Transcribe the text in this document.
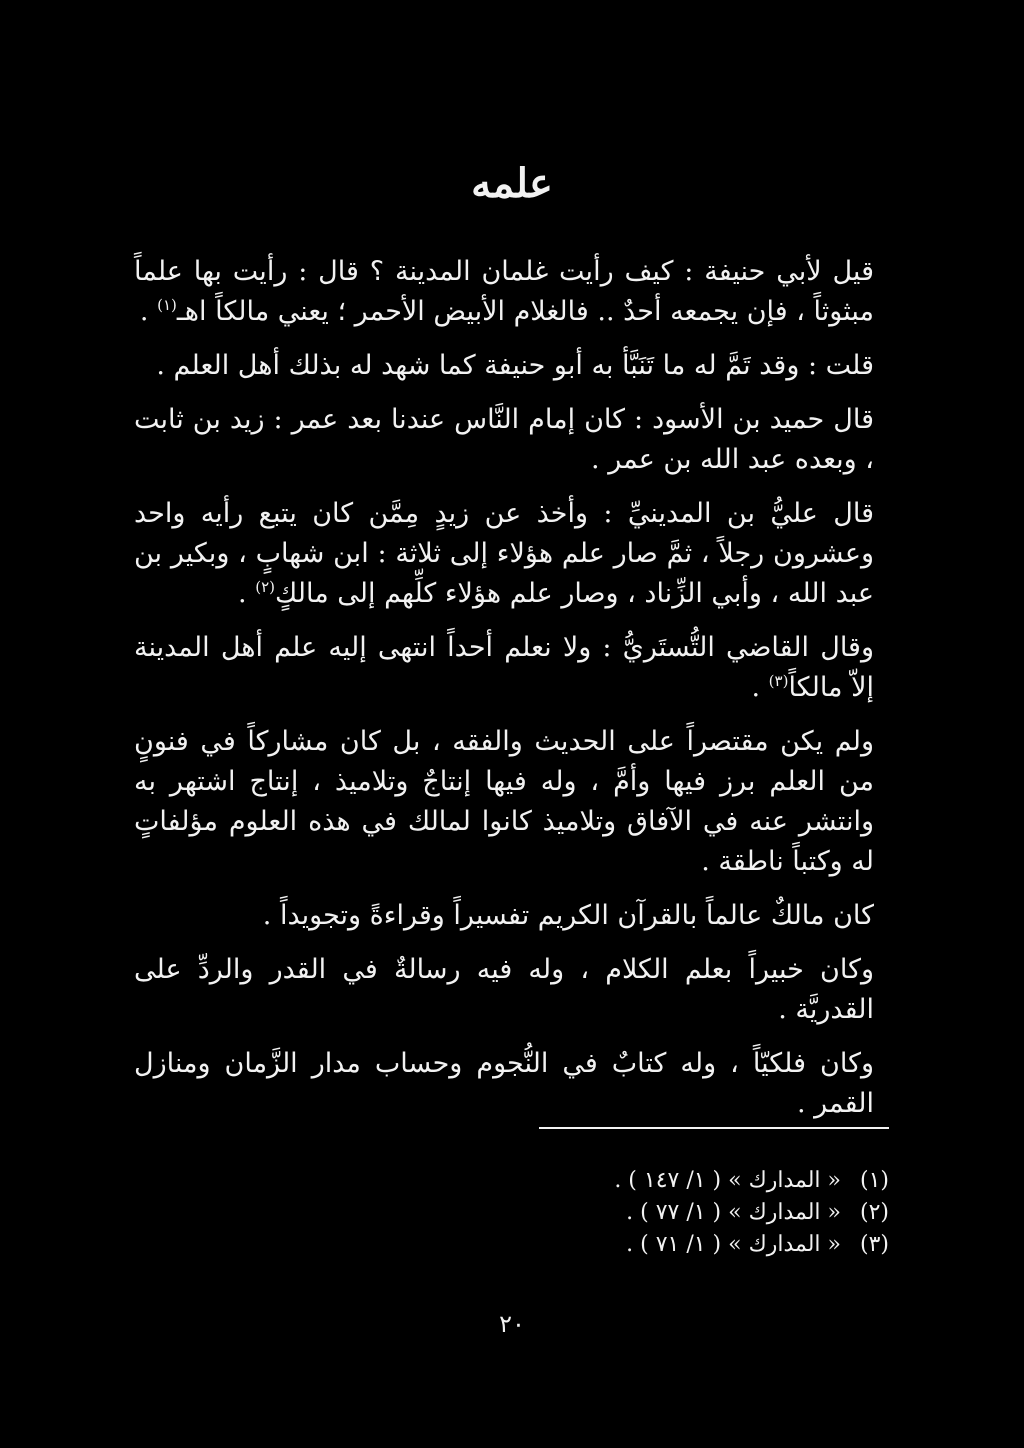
علمه

قيل لأبي حنيفة : كيف رأيت غلمان المدينة ؟ قال : رأيت بها علماً مبثوثاً ، فإن يجمعه أحدٌ .. فالغلام الأبيض الأحمر ؛ يعني مالكاً اهـ$^{(١)}$ .

قلت : وقد تَمَّ له ما تَنَبَّأ به أبو حنيفة كما شهد له بذلك أهل العلم .

قال حميد بن الأسود : كان إمام النَّاس عندنا بعد عمر : زيد بن ثابت ، وبعده عبد الله بن عمر .

قال عليُّ بن المدينيِّ : وأخذ عن زيدٍ مِمَّن كان يتبع رأيه واحد وعشرون رجلاً ، ثمَّ صار علم هؤلاء إلى ثلاثة : ابن شهابٍ ، وبكير بن عبد الله ، وأبي الزِّناد ، وصار علم هؤلاء كلِّهم إلى مالكٍ$^{(٢)}$ .

وقال القاضي التُّستَريُّ : ولا نعلم أحداً انتهى إليه علم أهل المدينة إلاّ مالكاً$^{(٣)}$ .

ولم يكن مقتصراً على الحديث والفقه ، بل كان مشاركاً في فنونٍ من العلم برز فيها وأمَّ ، وله فيها إنتاجٌ وتلاميذ ، إنتاج اشتهر به وانتشر عنه في الآفاق وتلاميذ كانوا لمالك في هذه العلوم مؤلفاتٍ له وكتباً ناطقة .

كان مالكٌ عالماً بالقرآن الكريم تفسيراً وقراءةً وتجويداً .

وكان خبيراً بعلم الكلام ، وله فيه رسالةٌ في القدر والردِّ على القدريَّة .

وكان فلكيّاً ، وله كتابٌ في النُّجوم وحساب مدار الزَّمان ومنازل القمر .

(١)
« المدارك » ( ١/ ١٤٧ ) .

(٢)
« المدارك » ( ١/ ٧٧ ) .

(٣)
« المدارك » ( ١/ ٧١ ) .

٢٠
